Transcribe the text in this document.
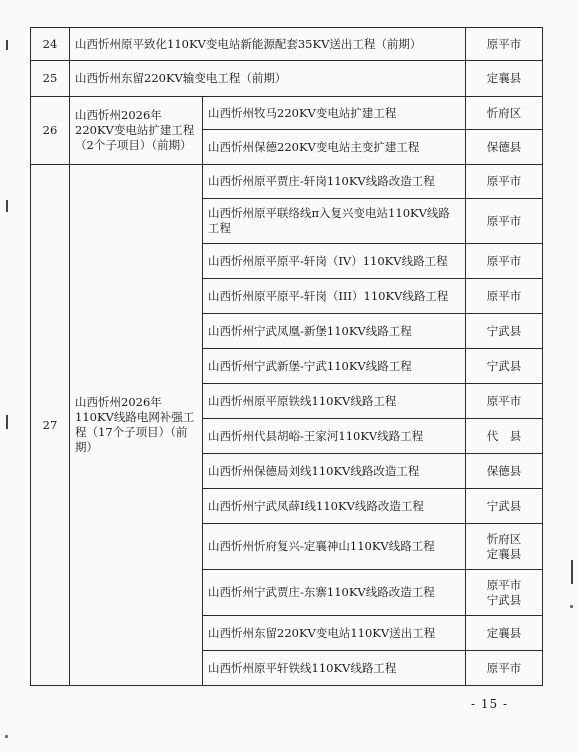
24	山西忻州原平致化110KV变电站新能源配套35KV送出工程（前期）		原平市
25	山西忻州东留220KV输变电工程（前期）		定襄县
26	山西忻州2026年220KV变电站扩建工程（2个子项目）（前期）	山西忻州牧马220KV变电站扩建工程	忻府区
		山西忻州保德220KV变电站主变扩建工程	保德县
27	山西忻州2026年110KV线路电网补强工程（17个子项目）（前期）	山西忻州原平贾庄-轩岗110KV线路改造工程	原平市
		山西忻州原平联络线π入复兴变电站110KV线路工程	原平市
		山西忻州原平原平-轩岗（IV）110KV线路工程	原平市
		山西忻州原平原平-轩岗（III）110KV线路工程	原平市
		山西忻州宁武凤凰-新堡110KV线路工程	宁武县
		山西忻州宁武新堡-宁武110KV线路工程	宁武县
		山西忻州原平原铁线110KV线路工程	原平市
		山西忻州代县胡峪-王家河110KV线路工程	代　县
		山西忻州保德局刘线110KV线路改造工程	保德县
		山西忻州宁武凤薛I线110KV线路改造工程	宁武县
		山西忻州忻府复兴-定襄神山110KV线路工程	忻府区
定襄县
		山西忻州宁武贾庄-东寨110KV线路改造工程	原平市
宁武县
		山西忻州东留220KV变电站110KV送出工程	定襄县
		山西忻州原平轩铁线110KV线路工程	原平市
- 15 -
